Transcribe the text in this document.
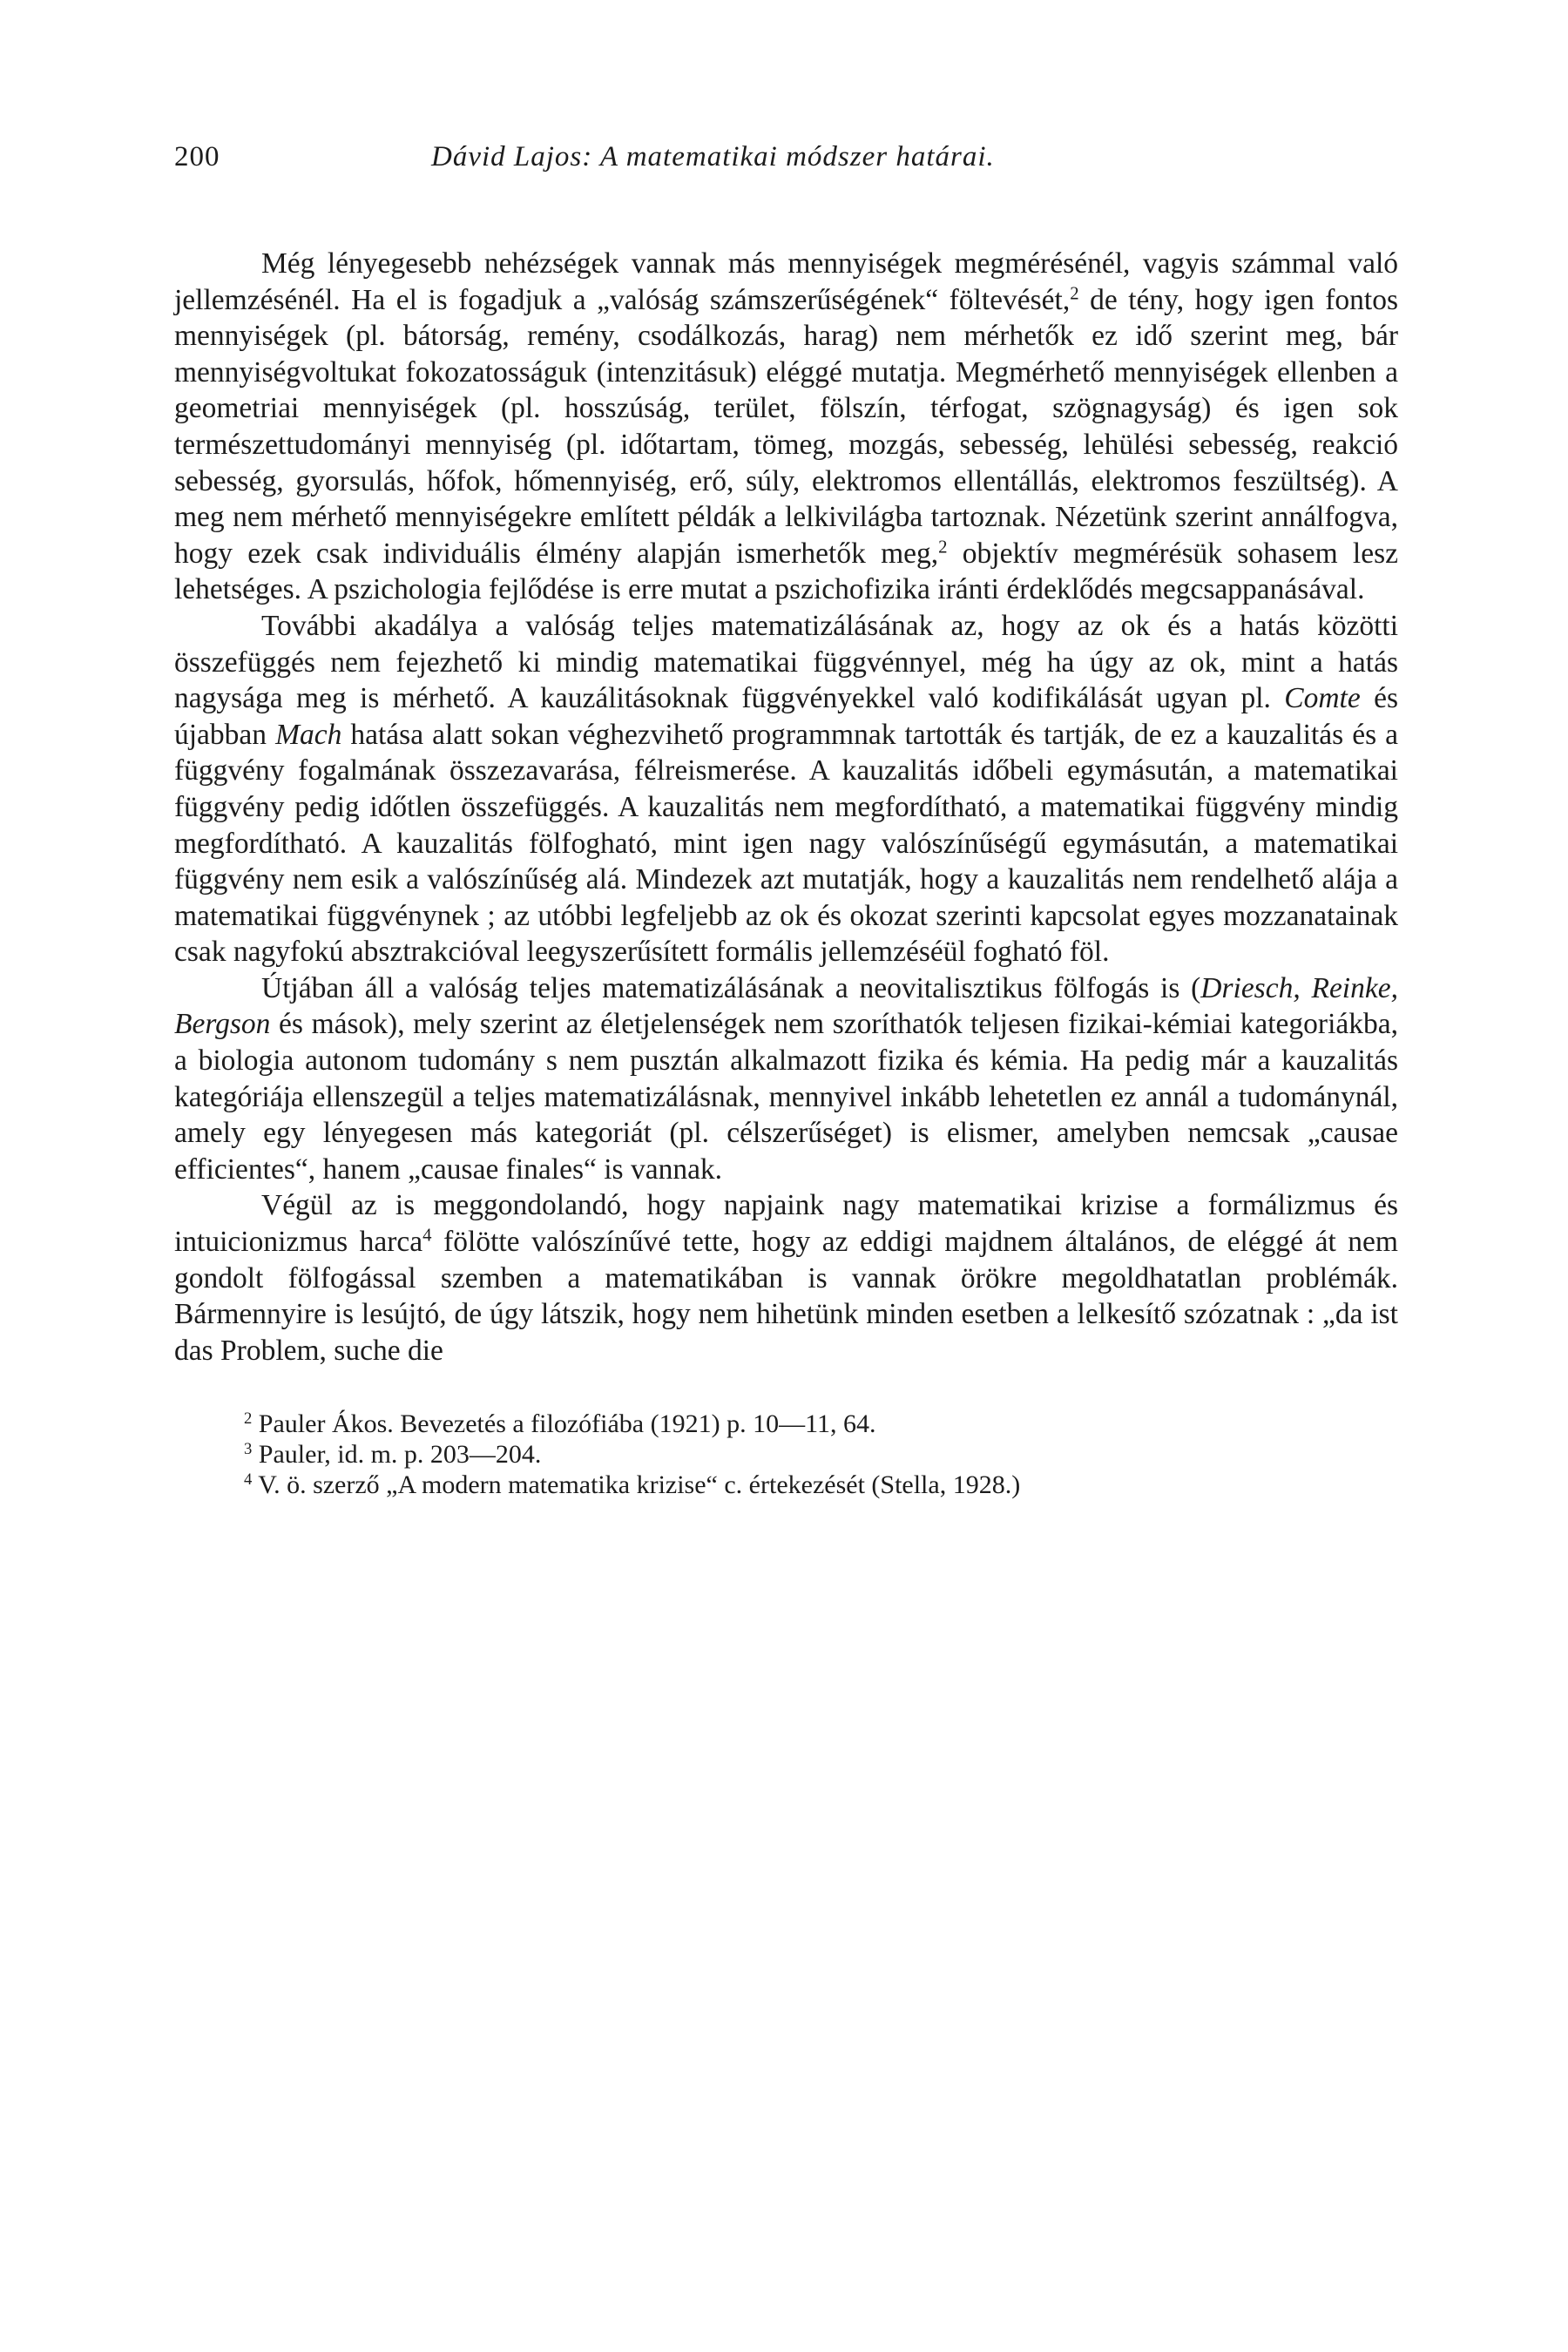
200	Dávid Lajos: A matematikai módszer határai.

Még lényegesebb nehézségek vannak más mennyiségek megmérésénél, vagyis számmal való jellemzésénél. Ha el is fogadjuk a „valóság számszerűségének“ föltevését,$^2$ de tény, hogy igen fontos mennyiségek (pl. bátorság, remény, csodálkozás, harag) nem mérhetők ez idő szerint meg, bár mennyiségvoltukat fokozatosságuk (intenzitásuk) eléggé mutatja. Megmérhető mennyiségek ellenben a geometriai mennyiségek (pl. hosszúság, terület, fölszín, térfogat, szögnagyság) és igen sok természettudományi mennyiség (pl. időtartam, tömeg, mozgás, sebesség, lehülési sebesség, reakció sebesség, gyorsulás, hőfok, hőmennyiség, erő, súly, elektromos ellentállás, elektromos feszültség). A meg nem mérhető mennyiségekre említett példák a lelkivilágba tartoznak. Nézetünk szerint annálfogva, hogy ezek csak individuális élmény alapján ismerhetők meg,$^2$ objektív megmérésük sohasem lesz lehetséges. A pszichologia fejlődése is erre mutat a pszichofizika iránti érdeklődés megcsappanásával.

További akadálya a valóság teljes matematizálásának az, hogy az ok és a hatás közötti összefüggés nem fejezhető ki mindig matematikai függvénnyel, még ha úgy az ok, mint a hatás nagysága meg is mérhető. A kauzálitásoknak függvényekkel való kodifikálását ugyan pl. Comte és újabban Mach hatása alatt sokan véghezvihető programmnak tartották és tartják, de ez a kauzalitás és a függvény fogalmának összezavarása, félreismerése. A kauzalitás időbeli egymásután, a matematikai függvény pedig időtlen összefüggés. A kauzalitás nem megfordítható, a matematikai függvény mindig megfordítható. A kauzalitás fölfogható, mint igen nagy valószínűségű egymásután, a matematikai függvény nem esik a valószínűség alá. Mindezek azt mutatják, hogy a kauzalitás nem rendelhető alája a matematikai függvénynek ; az utóbbi legfeljebb az ok és okozat szerinti kapcsolat egyes mozzanatainak csak nagyfokú absztrakcióval leegyszerűsített formális jellemzéséül fogható föl.

Útjában áll a valóság teljes matematizálásának a neovitalisztikus fölfogás is (Driesch, Reinke, Bergson és mások), mely szerint az életjelenségek nem szoríthatók teljesen fizikai-kémiai kategoriákba, a biologia autonom tudomány s nem pusztán alkalmazott fizika és kémia. Ha pedig már a kauzalitás kategóriája ellenszegül a teljes matematizálásnak, mennyivel inkább lehetetlen ez annál a tudománynál, amely egy lényegesen más kategoriát (pl. célszerűséget) is elismer, amelyben nemcsak „causae efficientes“, hanem „causae finales“ is vannak.

Végül az is meggondolandó, hogy napjaink nagy matematikai krizise a formálizmus és intuicionizmus harca$^4$ fölötte valószínűvé tette, hogy az eddigi majdnem általános, de eléggé át nem gondolt fölfogással szemben a matematikában is vannak örökre megoldhatatlan problémák. Bármennyire is lesújtó, de úgy látszik, hogy nem hihetünk minden esetben a lelkesítő szózatnak : „da ist das Problem, suche die

$^2$ Pauler Ákos. Bevezetés a filozófiába (1921) p. 10—11, 64.
$^3$ Pauler, id. m. p. 203—204.
$^4$ V. ö. szerző „A modern matematika krizise“ c. értekezését (Stella, 1928.)
